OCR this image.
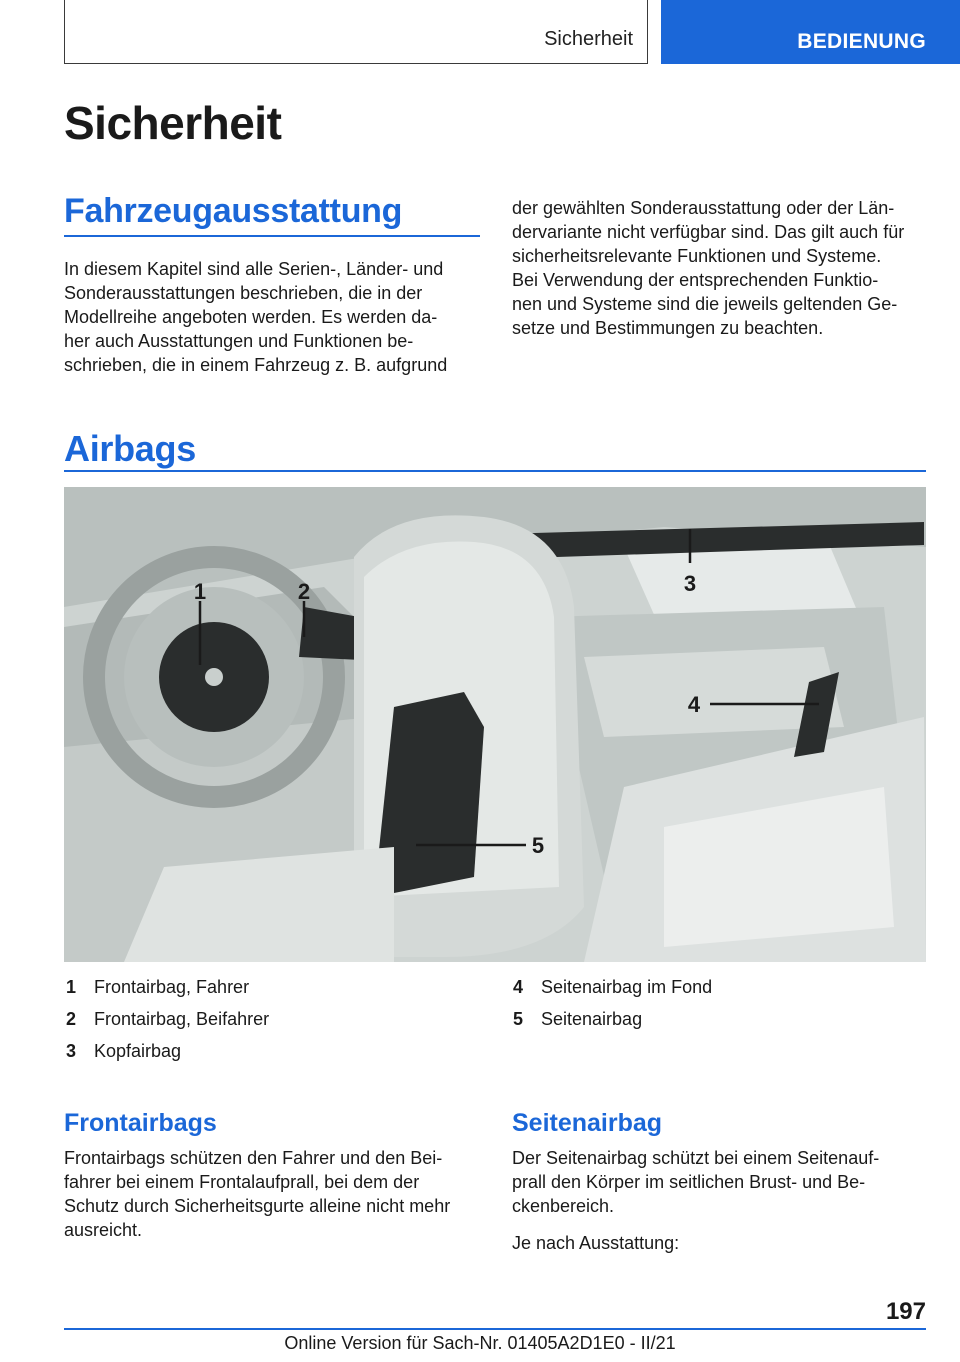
Sicherheit	BEDIENUNG
Sicherheit
Fahrzeugausstattung
In diesem Kapitel sind alle Serien-, Länder- und
Sonderausstattungen beschrieben, die in der
Modellreihe angeboten werden. Es werden da-
her auch Ausstattungen und Funktionen be-
schrieben, die in einem Fahrzeug z. B. aufgrund
der gewählten Sonderausstattung oder der Län-
dervariante nicht verfügbar sind. Das gilt auch für
sicherheitsrelevante Funktionen und Systeme.
Bei Verwendung der entsprechenden Funktio-
nen und Systeme sind die jeweils geltenden Ge-
setze und Bestimmungen zu beachten.
Airbags
1	2	3
4
5
1 Frontairbag, Fahrer
2 Frontairbag, Beifahrer
3 Kopfairbag
4 Seitenairbag im Fond
5 Seitenairbag
Frontairbags
Frontairbags schützen den Fahrer und den Bei-
fahrer bei einem Frontalaufprall, bei dem der
Schutz durch Sicherheitsgurte alleine nicht mehr
ausreicht.
Seitenairbag
Der Seitenairbag schützt bei einem Seitenauf-
prall den Körper im seitlichen Brust- und Be-
ckenbereich.
Je nach Ausstattung:
197
Online Version für Sach-Nr. 01405A2D1E0 - II/21
